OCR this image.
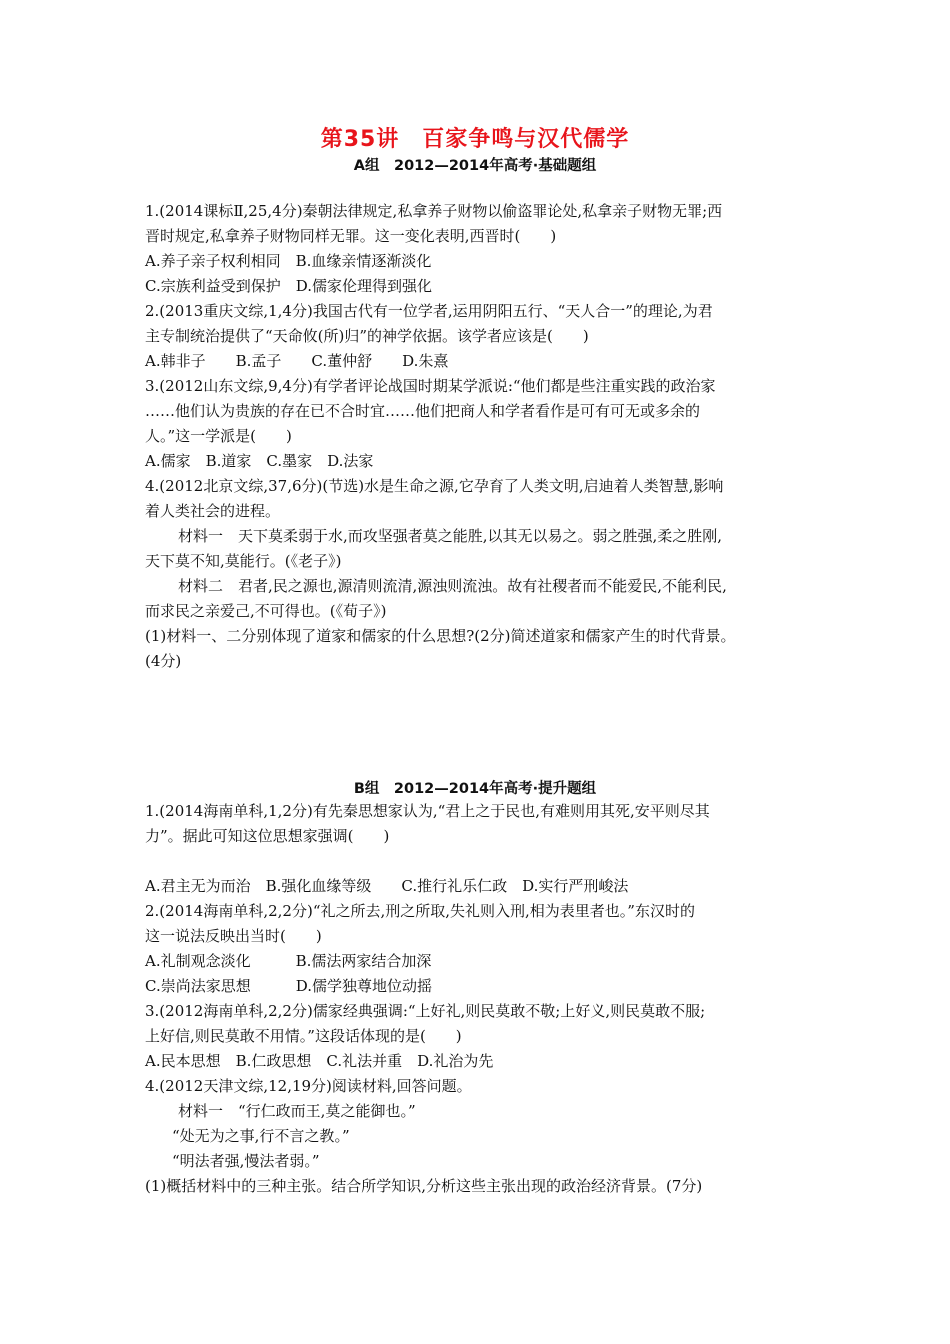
第35讲　百家争鸣与汉代儒学
A组　2012—2014年高考·基础题组
1.(2014课标Ⅱ,25,4分)秦朝法律规定,私拿养子财物以偷盗罪论处,私拿亲子财物无罪;西
晋时规定,私拿养子财物同样无罪。这一变化表明,西晋时(　　)
A.养子亲子权利相同　B.血缘亲情逐渐淡化
C.宗族利益受到保护　D.儒家伦理得到强化
2.(2013重庆文综,1,4分)我国古代有一位学者,运用阴阳五行、“天人合一”的理论,为君
主专制统治提供了“天命攸(所)归”的神学依据。该学者应该是(　　)
A.韩非子　　B.孟子　　C.董仲舒　　D.朱熹
3.(2012山东文综,9,4分)有学者评论战国时期某学派说:“他们都是些注重实践的政治家
……他们认为贵族的存在已不合时宜……他们把商人和学者看作是可有可无或多余的
人。”这一学派是(　　)
A.儒家　B.道家　C.墨家　D.法家
4.(2012北京文综,37,6分)(节选)水是生命之源,它孕育了人类文明,启迪着人类智慧,影响
着人类社会的进程。
材料一　天下莫柔弱于水,而攻坚强者莫之能胜,以其无以易之。弱之胜强,柔之胜刚,
天下莫不知,莫能行。(《老子》)
材料二　君者,民之源也,源清则流清,源浊则流浊。故有社稷者而不能爱民,不能利民,
而求民之亲爱己,不可得也。(《荀子》)
(1)材料一、二分别体现了道家和儒家的什么思想?(2分)简述道家和儒家产生的时代背景。
(4分)
B组　2012—2014年高考·提升题组
1.(2014海南单科,1,2分)有先秦思想家认为,“君上之于民也,有难则用其死,安平则尽其
力”。据此可知这位思想家强调(　　)
A.君主无为而治　B.强化血缘等级　　C.推行礼乐仁政　D.实行严刑峻法
2.(2014海南单科,2,2分)“礼之所去,刑之所取,失礼则入刑,相为表里者也。”东汉时的
这一说法反映出当时(　　)
A.礼制观念淡化　　　B.儒法两家结合加深
C.崇尚法家思想　　　D.儒学独尊地位动摇
3.(2012海南单科,2,2分)儒家经典强调:“上好礼,则民莫敢不敬;上好义,则民莫敢不服;
上好信,则民莫敢不用情。”这段话体现的是(　　)
A.民本思想　B.仁政思想　C.礼法并重　D.礼治为先
4.(2012天津文综,12,19分)阅读材料,回答问题。
材料一　“行仁政而王,莫之能御也。”
“处无为之事,行不言之教。”
“明法者强,慢法者弱。”
(1)概括材料中的三种主张。结合所学知识,分析这些主张出现的政治经济背景。(7分)
